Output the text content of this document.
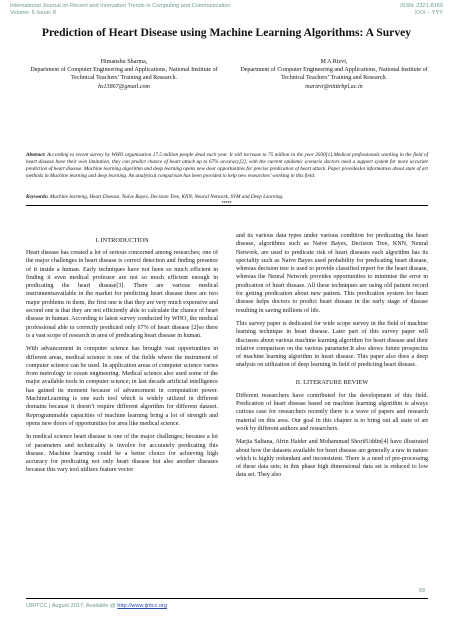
International Journal on Recent and Innovation Trends in Computing and Communication
Volume: 5 Issue: 8
ISSN: 2321-8169
XXX – YYY
Prediction of Heart Disease using Machine Learning Algorithms: A Survey
Himanshu Sharma,
Department of Computer Engineering and Applications, National Institute of Technical Teachers’ Training and Research.
hs13867@gmail.com
M A Rizvi,
Department of Computer Engineering and Applications, National Institute of Technical Teachers’ Training and Research.
marizvi@nitttrbpl.ac.in
Abstract: According to recent survey by WHO organisation 17.5 million people dead each year. It will increase to 75 million in the year 2030[1].Medical professionals working in the field of heart disease have their own limitation, they can predict chance of heart attack up to 67% accuracy[2], with the current epidemic scenario doctors need a support system for more accurate prediction of heart disease. Machine learning algorithm and deep learning opens new door opportunities for precise predication of heart attack. Paper providesIot information about state of art methods in Machine learning and deep learning. An analytical comparison has been provided to help new researches’ working in this field.
Keywords: Machine learning, Heart Disease, Naïve Bayes, Decision Tree, KNN, Neural Network, SVM and Deep Learning.
*****
I. INTRODUCTION

Heart disease has created a lot of serious concerned among researches; one of the major challenges in heart disease is correct detection and finding presence of it inside a human. Early techniques have not been so much efficient in finding it even medical professor are not so much efficient enough in predicating the heart disease[3]. There are various medical instrumentsavailable in the market for predicting heart disease there are two major problems in them, the first one is that they are very much expensive and second one is that they are not efficiently able to calculate the chance of heart disease in human. According to latest survey conducted by WHO, the medical professional able to correctly predicted only 67% of heart disease [2]so there is a vast scope of research in area of predicating heart disease in human.

With advancement in computer science has brought vast opportunities in different areas, medical science is one of the fields where the instrument of computer science can be used. In application areas of computer science varies from metrology to ocean engineering. Medical science also used some of the major available tools in computer science; in last decade artificial intelligence has gained its moment because of advancement in computation power. MachineLearning is one such tool which is widely utilized in different domains because it doesn’t require different algorithm for different dataset. Reprogrammable capacities of machine learning bring a lot of strength and opens new doors of opportunities for area like medical science.

In medical science heart disease is one of the major challenges; because a lot of parameters and technicality is involve for accurately predicating this disease. Machine learning could be a better choice for achieving high accuracy for predicating not only heart disease but also another diseases because this vary tool utilizes feature vector

and its various data types under various condition for predicating the heart disease, algorithms such as Naive Bayes, Decision Tree, KNN, Neural Network, are used to predicate risk of heart diseases each algorithm has its speciality such as Naive Bayes used probability for predicating heart disease, whereas decision tree is used to provide classified report for the heart disease, whereas the Neural Network provides opportunities to minimise the error in predication of heart disease. All these techniques are using old patient record for getting predication about new patient. This predication system for heart disease helps doctors to predict heart disease in the early stage of disease resulting in saving millions of life.

This survey paper is dedicated for wide scope survey in the field of machine learning technique in heart disease. Later part of this survey paper will discusses about various machine learning algorithm for heart disease and their relative comparison on the various parameter.It also shows future prospectus of machine learning algorithm in heart disease. This paper also does a deep analysis on utilization of deep learning in field of predicting heart disease.

II. LITERATURE REVIEW

Different researchers have contributed for the development of this field. Predication of heart disease based on machine learning algorithm is always curious case for researchers recently there is a wave of papers and research material on this area. Our goal in this chapter is to bring out all state of art work by different authors and researchers.

Marjia Sultana, Afrin Haider and Mohammad ShorifUddin[4] have illustrated about how the datasets available for heart disease are generally a raw in nature which is highly redundant and inconsistent. There is a need of pre-processing of these data sets; in this phase high dimensional data set is reduced to low data set. They also

99
IJRITCC | August 2017, Available @ http://www.ijritcc.org
